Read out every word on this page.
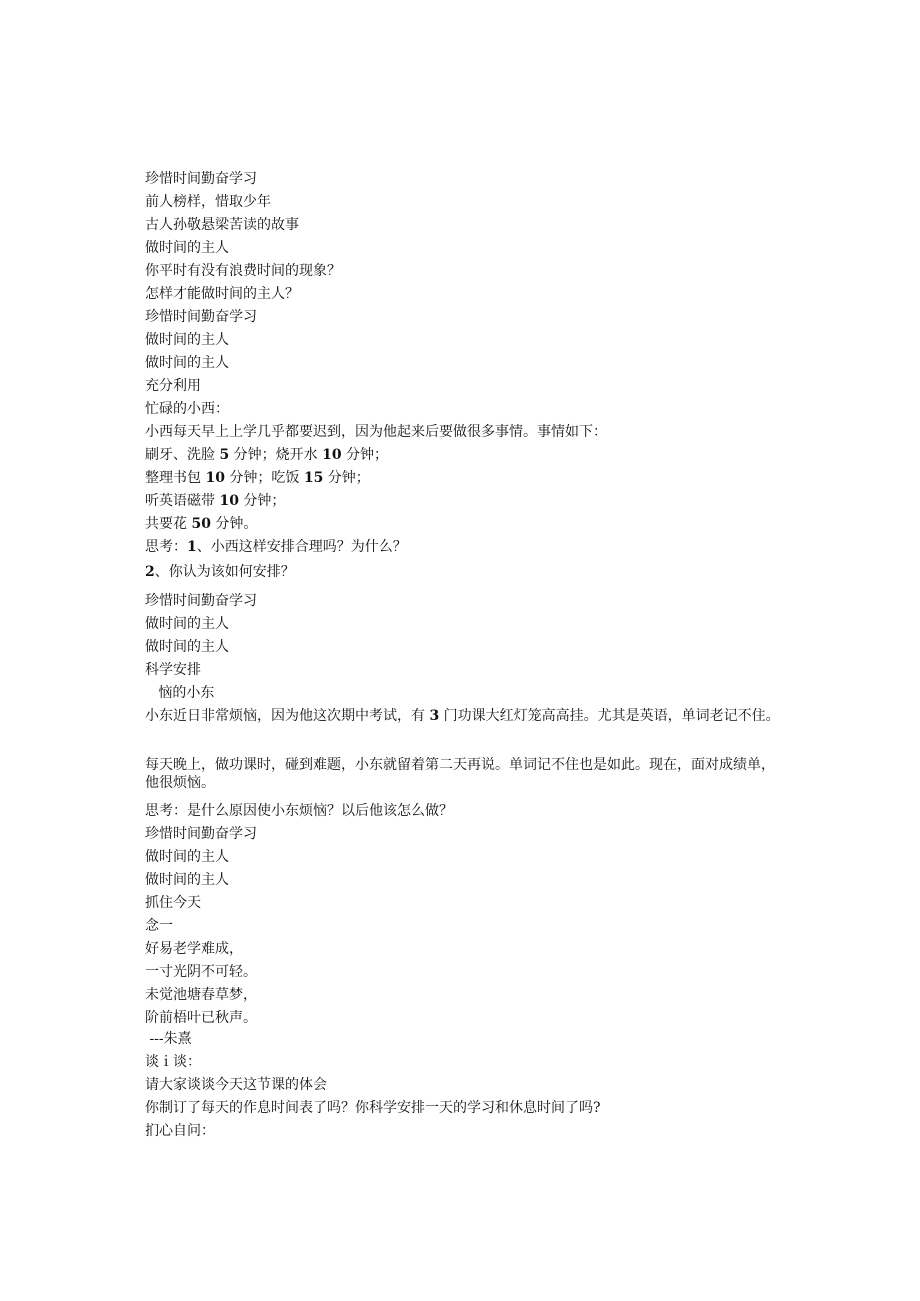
珍惜时间勤奋学习
前人榜样，惜取少年
古人孙敬悬梁苦读的故事
做时间的主人
你平时有没有浪费时间的现象？
怎样才能做时间的主人？
珍惜时间勤奋学习
做时间的主人
做时间的主人
充分利用
忙碌的小西：
小西每天早上上学几乎都要迟到，因为他起来后要做很多事情。事情如下：
刷牙、洗脸 5 分钟；烧开水 10 分钟；
整理书包 10 分钟；吃饭 15 分钟；
听英语磁带 10 分钟；
共要花 50 分钟。
思考：1、小西这样安排合理吗？为什么？
2、你认为该如何安排？
珍惜时间勤奋学习
做时间的主人
做时间的主人
科学安排
恼的小东
小东近日非常烦恼，因为他这次期中考试，有 3 门功课大红灯笼高高挂。尤其是英语，单词老记不住。
每天晚上，做功课时，碰到难题，小东就留着第二天再说。单词记不住也是如此。现在，面对成绩单，他很烦恼。
思考：是什么原因使小东烦恼？以后他该怎么做？
珍惜时间勤奋学习
做时间的主人
做时间的主人
抓住今天
念一
好易老学难成，
一寸光阴不可轻。
未觉池塘春草梦，
阶前梧叶已秋声。
---朱熹
谈ｉ谈：
请大家谈谈今天这节课的体会
你制订了每天的作息时间表了吗？你科学安排一天的学习和休息时间了吗?
扪心自问：
